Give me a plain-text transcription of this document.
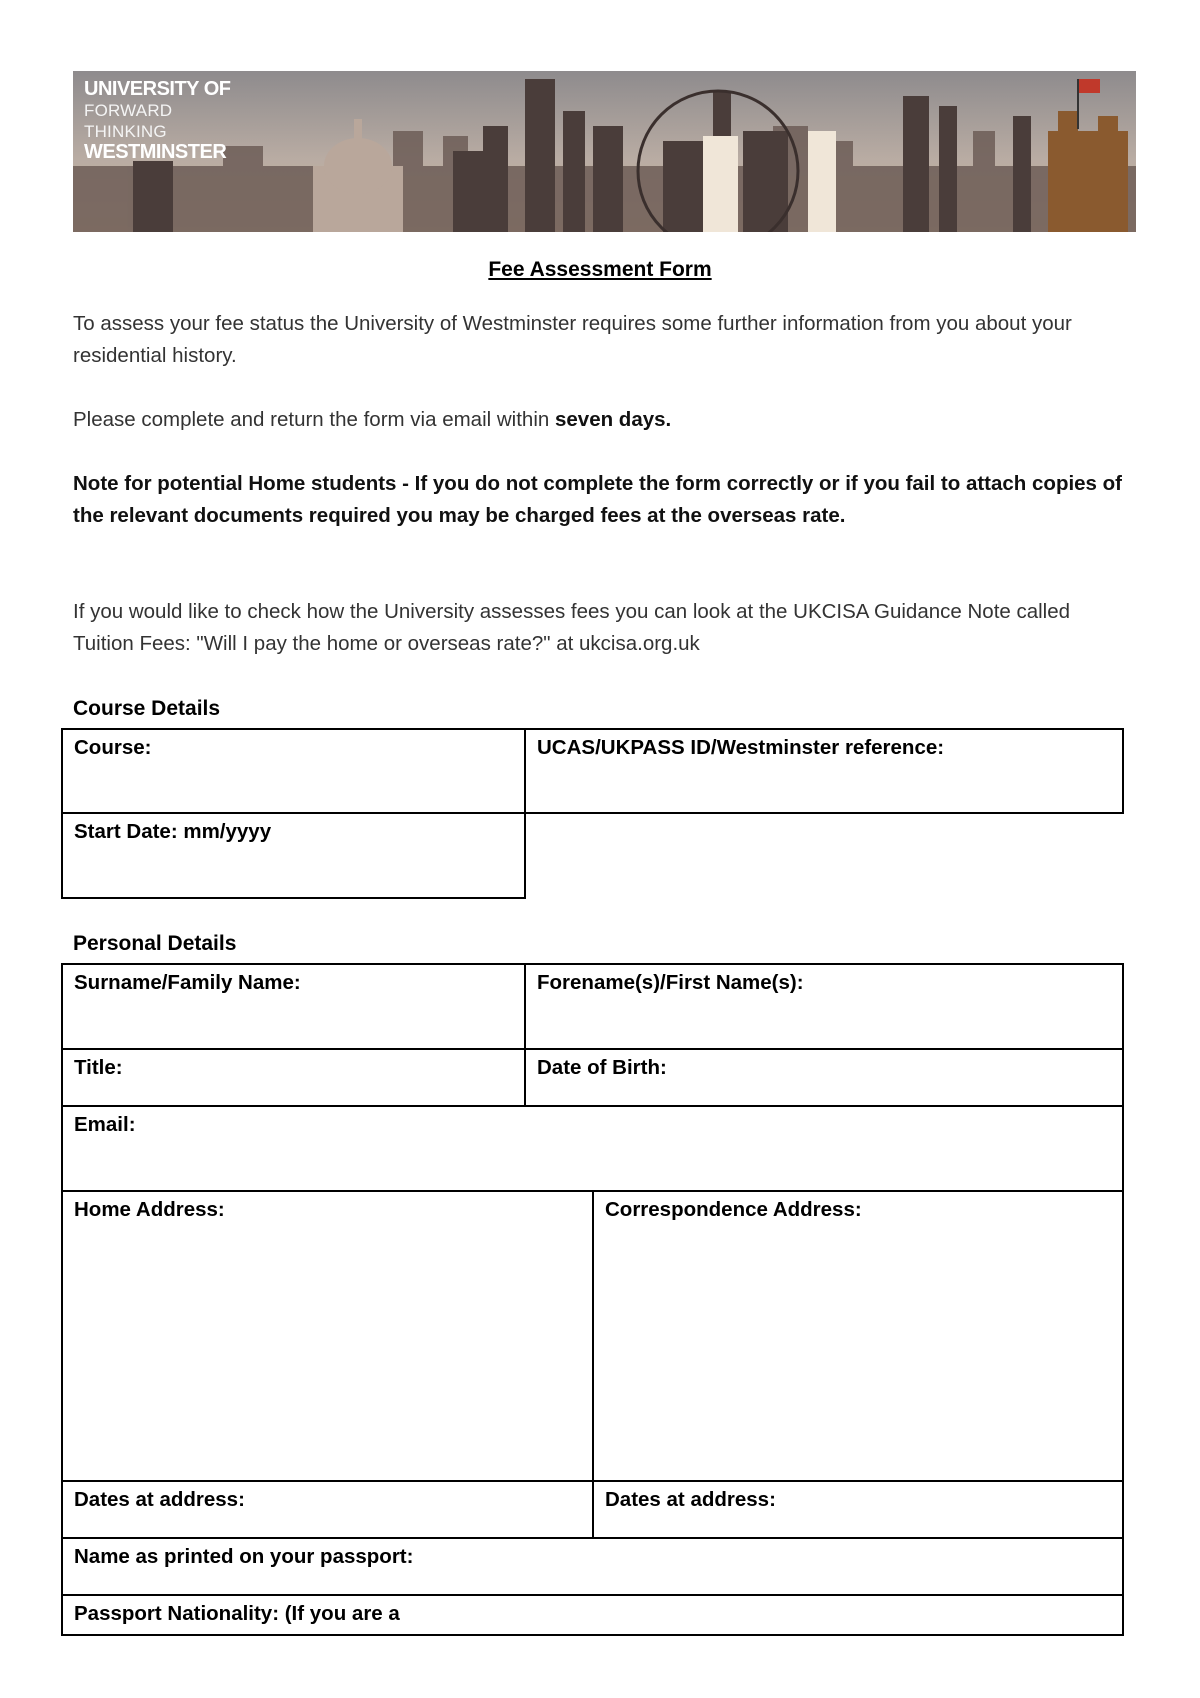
UNIVERSITY OF
FORWARD
THINKING
WESTMINSTER
Fee Assessment Form
To assess your fee status the University of Westminster requires some further information from you about your residential history.
Please complete and return the form via email within seven days.
Note for potential Home students - If you do not complete the form correctly or if you fail to attach copies of the relevant documents required you may be charged fees at the overseas rate.
If you would like to check how the University assesses fees you can look at the UKCISA Guidance Note called Tuition Fees: "Will I pay the home or overseas rate?" at ukcisa.org.uk
Course Details
Course:	UCAS/UKPASS ID/Westminster reference:
Start Date: mm/yyyy
Personal Details
Surname/Family Name:	Forename(s)/First Name(s):
Title:	Date of Birth:
Email:
Home Address:	Correspondence Address:
Dates at address:	Dates at address:
Name as printed on your passport:
Passport Nationality: (If you are a
